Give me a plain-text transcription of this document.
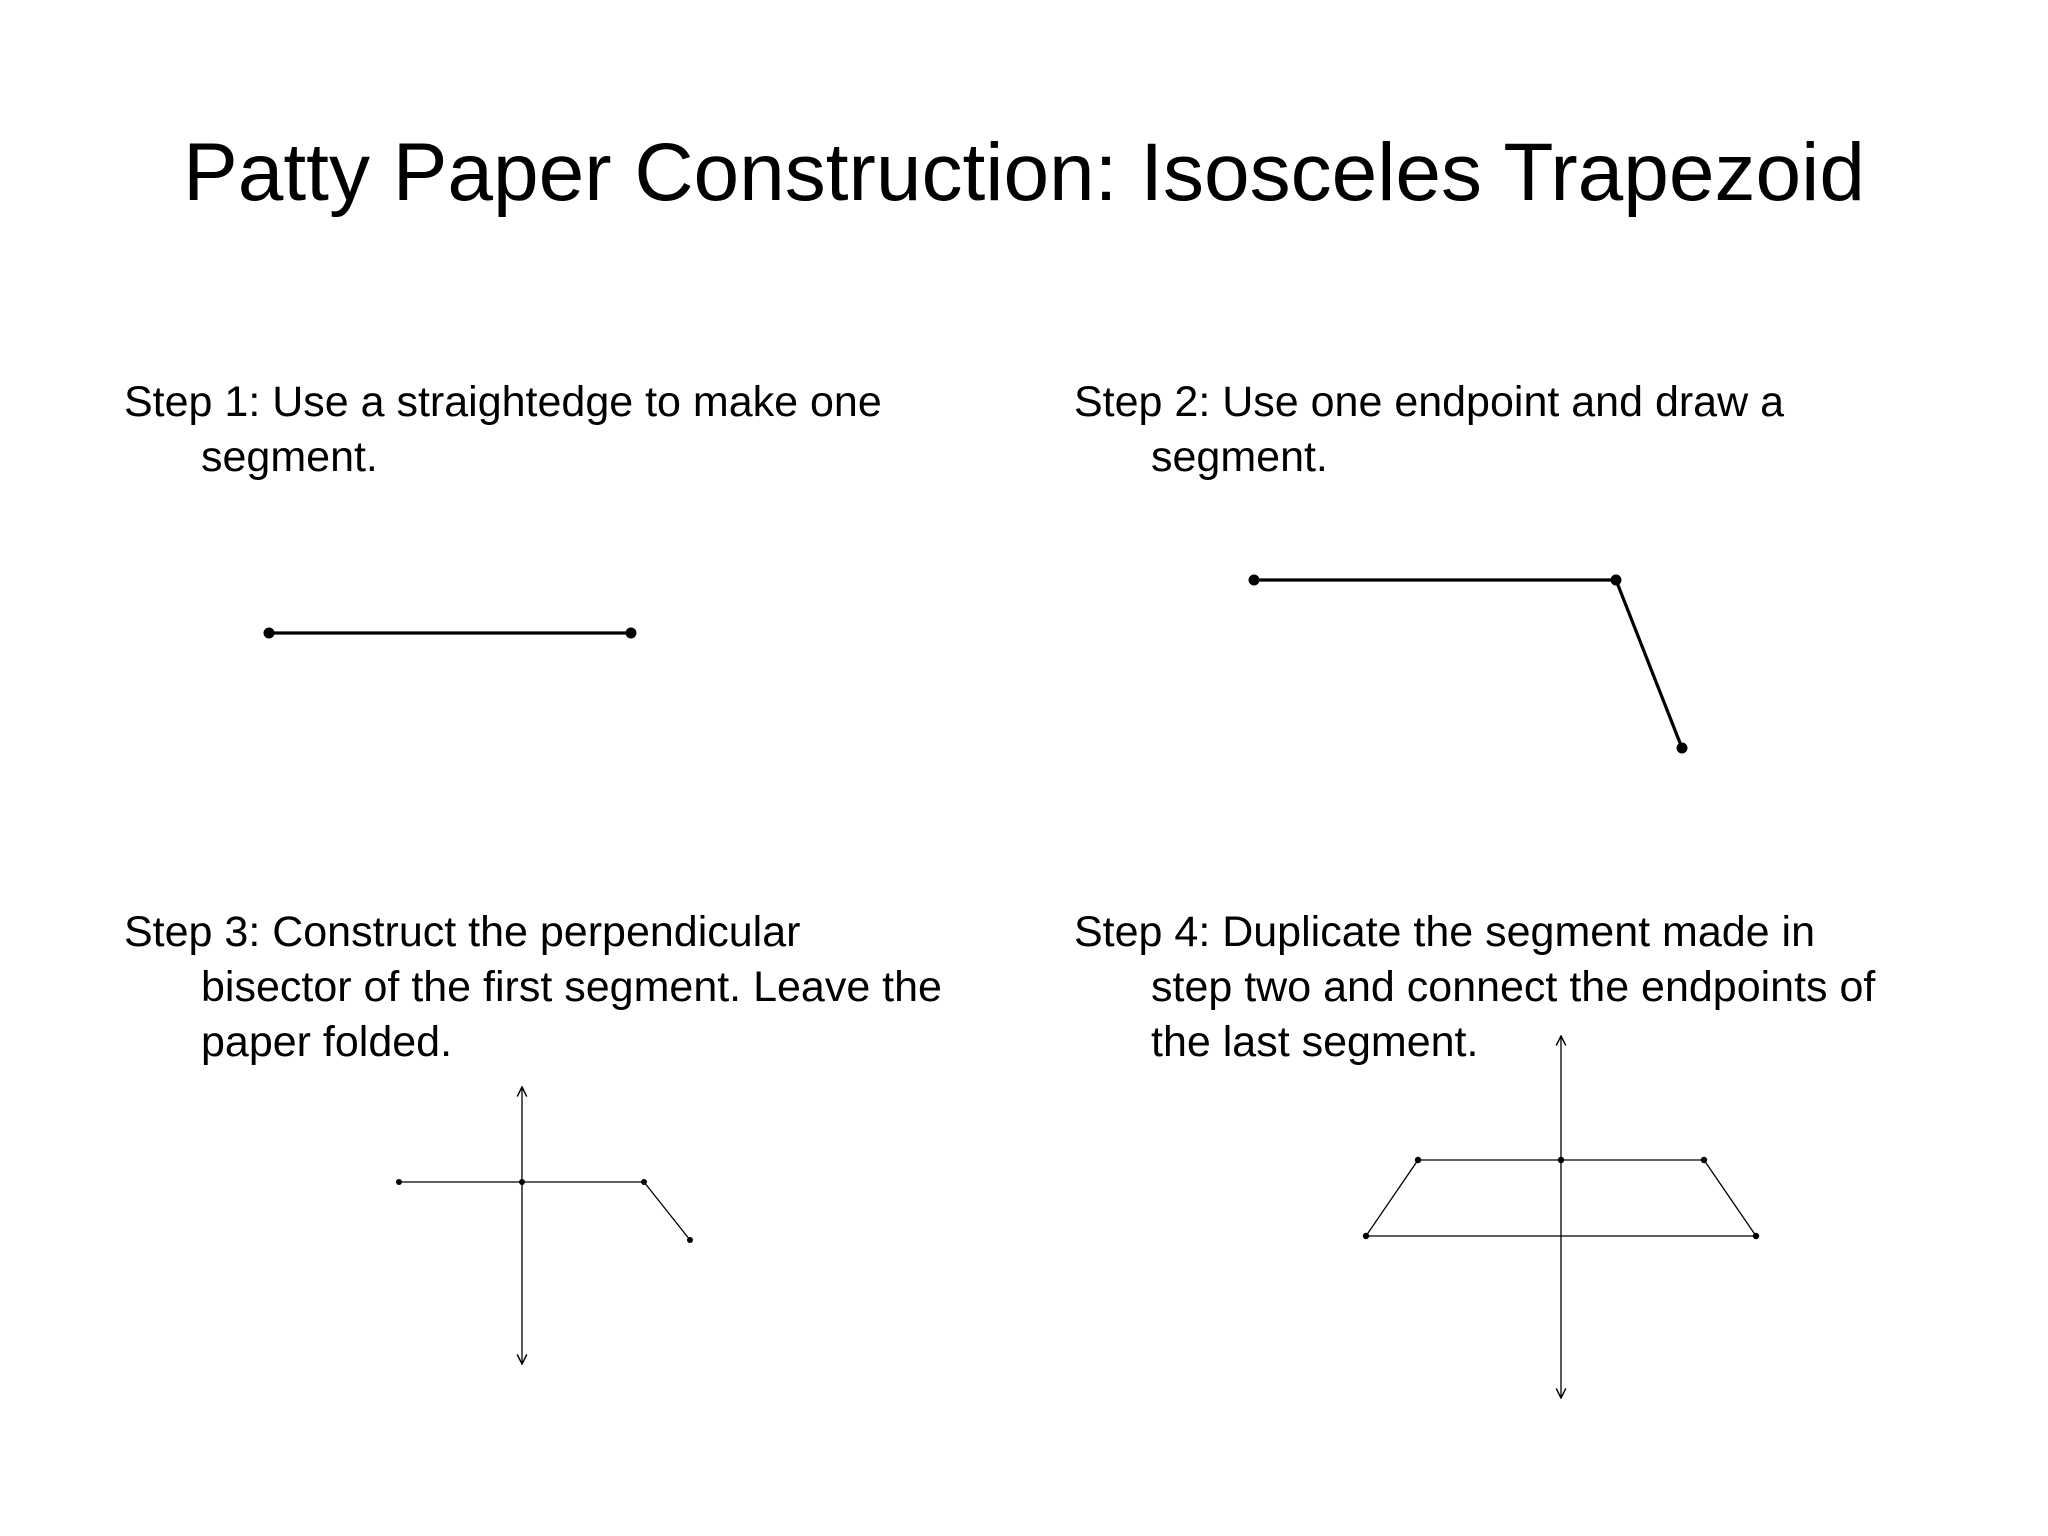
Patty Paper Construction: Isosceles Trapezoid
Step 1: Use a straightedge to make one
segment.
Step 2: Use one endpoint and draw a
segment.
Step 3: Construct the perpendicular
bisector of the first segment. Leave the
paper folded.
Step 4: Duplicate the segment made in
step two and connect the endpoints of
the last segment.
